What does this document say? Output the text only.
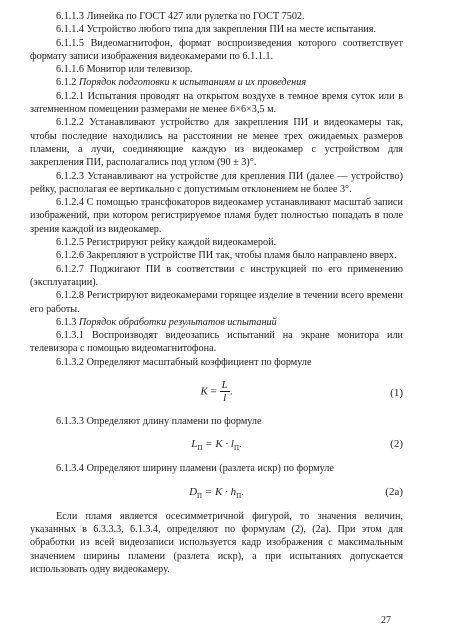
6.1.1.3 Линейка по ГОСТ 427 или рулетка по ГОСТ 7502.

6.1.1.4 Устройство любого типа для закрепления ПИ на месте испытания.

6.1.1.5 Видеомагнитофон, формат воспроизведения которого соответствует формату записи изображения видеокамерами по 6.1.1.1.

6.1.1.6 Монитор или телевизор.

6.1.2 Порядок подготовки к испытаниям и их проведения

6.1.2.1 Испытания проводят на открытом воздухе в темное время суток или в затемненном помещении размерами не менее 6×6×3,5 м.

6.1.2.2 Устанавливают устройство для закрепления ПИ и видеокамеры так, чтобы последние находились на расстоянии не менее трех ожидаемых размеров пламени, а лучи, соединяющие каждую из видеокамер с устройством для закрепления ПИ, располагались под углом (90 ± 3)°.

6.1.2.3 Устанавливают на устройстве для крепления ПИ (далее — устройство) рейку, располагая ее вертикально с допустимым отклонением не более 3°.

6.1.2.4 С помощью трансфокаторов видеокамер устанавливают масштаб записи изображений, при котором регистрируемое пламя будет полностью попадать в поле зрения каждой из видеокамер.

6.1.2.5 Регистрируют рейку каждой видеокамерой.

6.1.2.6 Закрепляют в устройстве ПИ так, чтобы пламя было направлено вверх.

6.1.2.7 Поджигают ПИ в соответствии с инструкцией по его применению (эксплуатации).

6.1.2.8 Регистрируют видеокамерами горящее изделие в течении всего времени его работы.

6.1.3 Порядок обработки результатов испытаний

6.1.3.1 Воспроизводят видеозапись испытаний на экране монитора или телевизора с помощью видеомагнитофона.

6.1.3.2 Определяют масштабный коэффициент по формуле

$K = \frac{L}{l}$ .	(1)

6.1.3.3 Определяют длину пламени по формуле

$L_П = K \cdot l_П$.	(2)

6.1.3.4 Определяют ширину пламени (разлета искр) по формуле

$D_П = K \cdot h_П$.	(2а)

Если пламя является осесимметричной фигурой, то значения величин, указанных в 6.3.3.3, 6.1.3.4, определяют по формулам (2), (2а). При этом для обработки из всей видеозаписи используется кадр изображения с максимальным значением ширины пламени (разлета искр), а при испытаниях допускается использовать одну видеокамеру.

27
